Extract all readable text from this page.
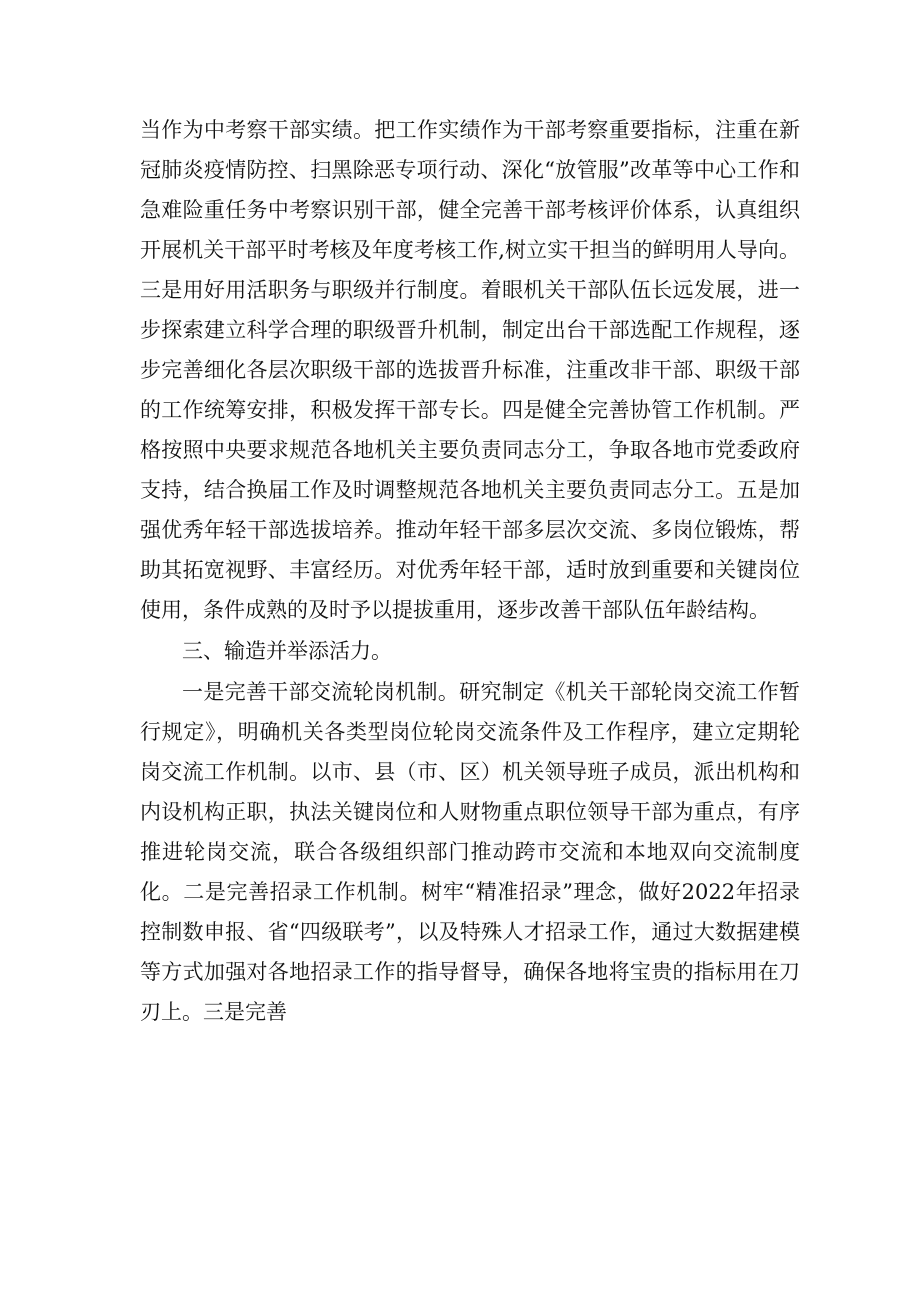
当作为中考察干部实绩。把工作实绩作为干部考察重要指标，注重在新冠肺炎疫情防控、扫黑除恶专项行动、深化“放管服”改革等中心工作和急难险重任务中考察识别干部，健全完善干部考核评价体系，认真组织开展机关干部平时考核及年度考核工作,树立实干担当的鲜明用人导向。三是用好用活职务与职级并行制度。着眼机关干部队伍长远发展，进一步探索建立科学合理的职级晋升机制，制定出台干部选配工作规程，逐步完善细化各层次职级干部的选拔晋升标准，注重改非干部、职级干部的工作统筹安排，积极发挥干部专长。四是健全完善协管工作机制。严格按照中央要求规范各地机关主要负责同志分工，争取各地市党委政府支持，结合换届工作及时调整规范各地机关主要负责同志分工。五是加强优秀年轻干部选拔培养。推动年轻干部多层次交流、多岗位锻炼，帮助其拓宽视野、丰富经历。对优秀年轻干部，适时放到重要和关键岗位使用，条件成熟的及时予以提拔重用，逐步改善干部队伍年龄结构。

三、输造并举添活力。

一是完善干部交流轮岗机制。研究制定《机关干部轮岗交流工作暂行规定》，明确机关各类型岗位轮岗交流条件及工作程序，建立定期轮岗交流工作机制。以市、县（市、区）机关领导班子成员，派出机构和内设机构正职，执法关键岗位和人财物重点职位领导干部为重点，有序推进轮岗交流，联合各级组织部门推动跨市交流和本地双向交流制度化。二是完善招录工作机制。树牢“精准招录”理念，做好2022年招录控制数申报、省“四级联考”，以及特殊人才招录工作，通过大数据建模等方式加强对各地招录工作的指导督导，确保各地将宝贵的指标用在刀刃上。三是完善
